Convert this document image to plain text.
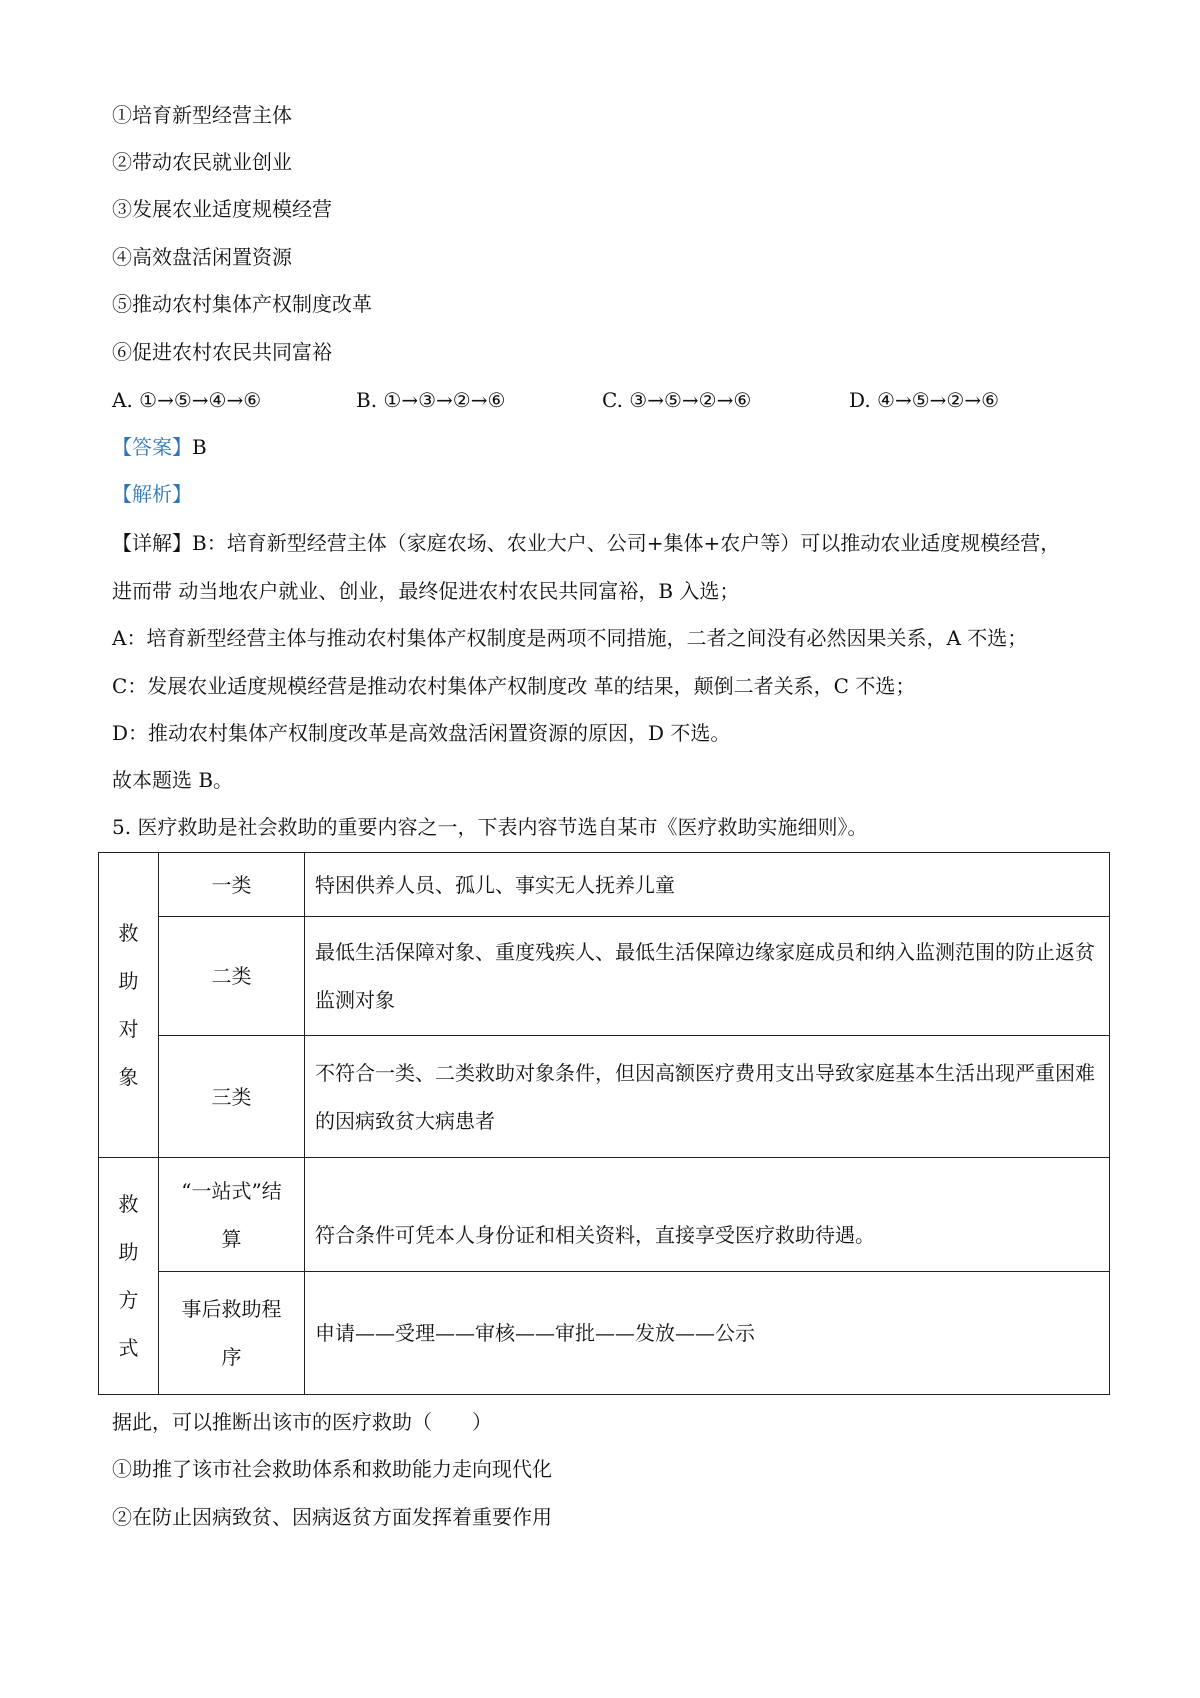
①培育新型经营主体
②带动农民就业创业
③发展农业适度规模经营
④高效盘活闲置资源
⑤推动农村集体产权制度改革
⑥促进农村农民共同富裕
A. ①→⑤→④→⑥	B. ①→③→②→⑥	C. ③→⑤→②→⑥	D. ④→⑤→②→⑥
【答案】B
【解析】
【详解】B：培育新型经营主体（家庭农场、农业大户、公司+集体+农户等）可以推动农业适度规模经营，
进而带 动当地农户就业、创业，最终促进农村农民共同富裕，B 入选；
A：培育新型经营主体与推动农村集体产权制度是两项不同措施，二者之间没有必然因果关系，A 不选；
C：发展农业适度规模经营是推动农村集体产权制度改 革的结果，颠倒二者关系，C 不选；
D：推动农村集体产权制度改革是高效盘活闲置资源的原因，D 不选。
故本题选 B。
5. 医疗救助是社会救助的重要内容之一，下表内容节选自某市《医疗救助实施细则》。
救助对象	一类	特困供养人员、孤儿、事实无人抚养儿童
	二类	最低生活保障对象、重度残疾人、最低生活保障边缘家庭成员和纳入监测范围的防止返贫监测对象
	三类	不符合一类、二类救助对象条件，但因高额医疗费用支出导致家庭基本生活出现严重困难的因病致贫大病患者
救助方式	“一站式”结算	符合条件可凭本人身份证和相关资料，直接享受医疗救助待遇。
	事后救助程序	申请——受理——审核——审批——发放——公示
据此，可以推断出该市的医疗救助（　　）
①助推了该市社会救助体系和救助能力走向现代化
②在防止因病致贫、因病返贫方面发挥着重要作用
